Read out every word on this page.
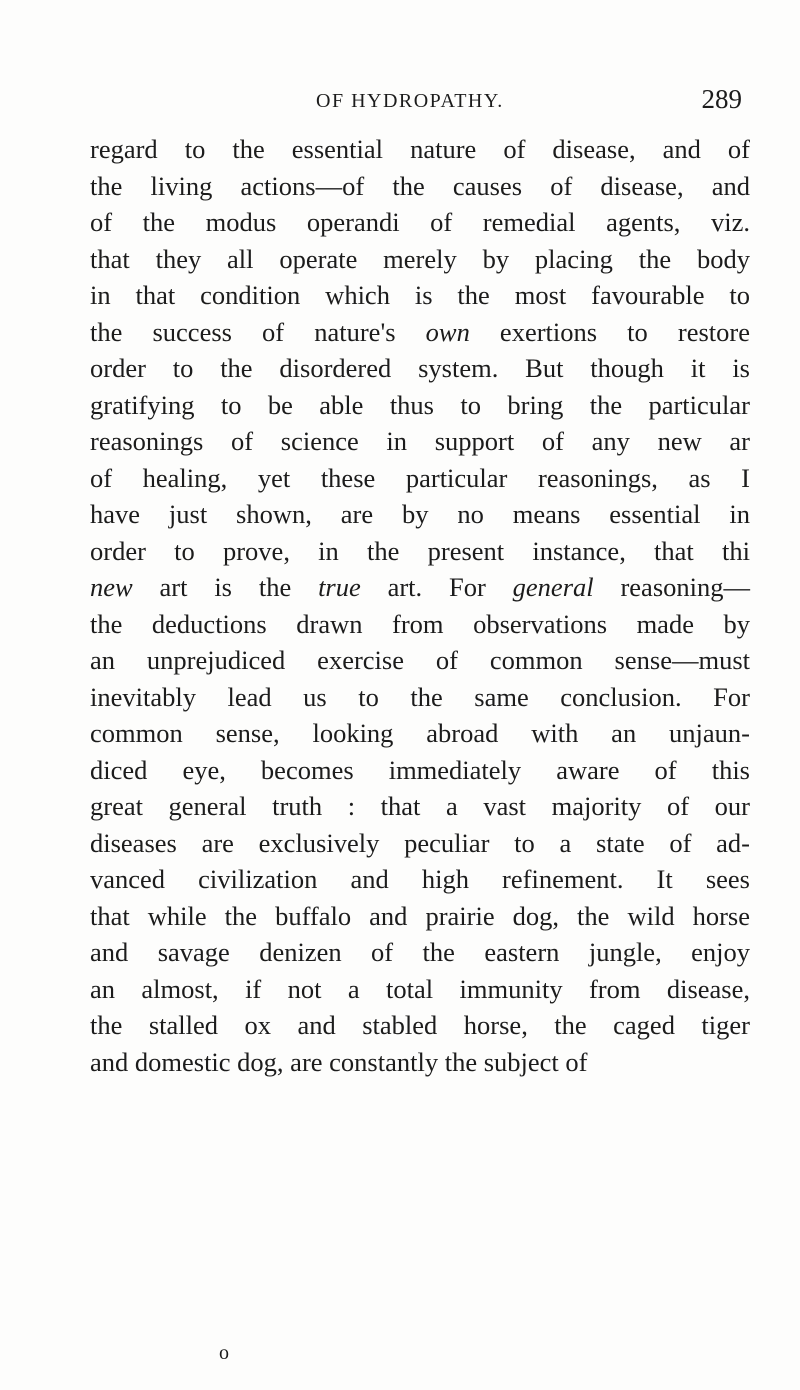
OF HYDROPATHY.	289
regard to the essential nature of disease, and of
the living actions—of the causes of disease, and
of the modus operandi of remedial agents, viz.
that they all operate merely by placing the body
in that condition which is the most favourable to
the success of nature's own exertions to restore
order to the disordered system. But though it is
gratifying to be able thus to bring the particular
reasonings of science in support of any new ar
of healing, yet these particular reasonings, as I
have just shown, are by no means essential in
order to prove, in the present instance, that thi
new art is the true art. For general reasoning—
the deductions drawn from observations made by
an unprejudiced exercise of common sense—must
inevitably lead us to the same conclusion. For
common sense, looking abroad with an unjaun-
diced eye, becomes immediately aware of this
great general truth : that a vast majority of our
diseases are exclusively peculiar to a state of ad-
vanced civilization and high refinement. It sees
that while the buffalo and prairie dog, the wild horse
and savage denizen of the eastern jungle, enjoy
an almost, if not a total immunity from disease,
the stalled ox and stabled horse, the caged tiger
and domestic dog, are constantly the subject of
o
